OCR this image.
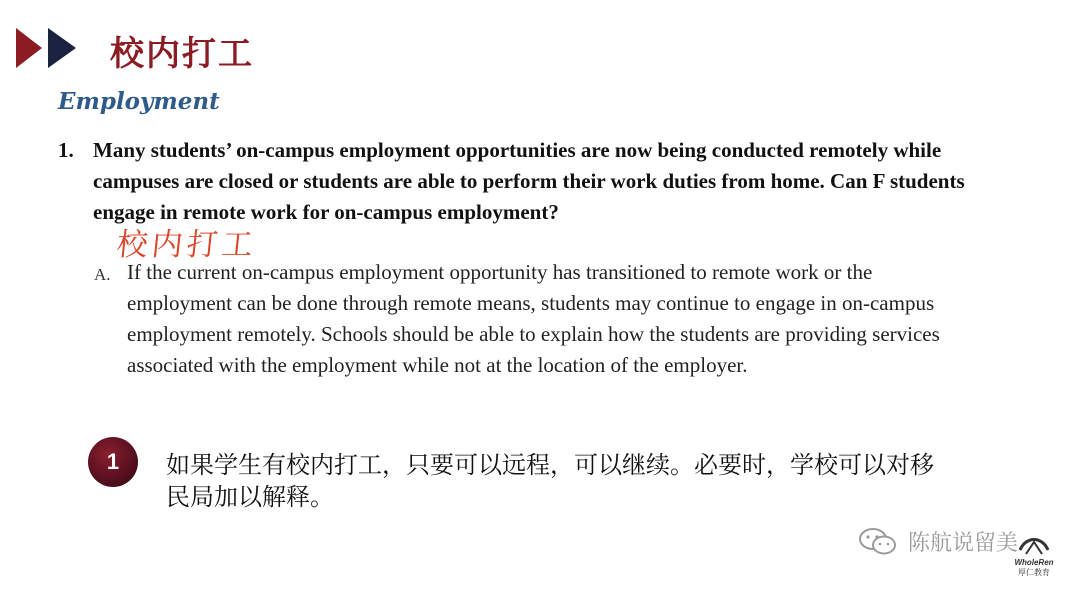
校内打工
Employment
1. Many students’ on-campus employment opportunities are now being conducted remotely while campuses are closed or students are able to perform their work duties from home. Can F students engage in remote work for on-campus employment?
校内打工
A. If the current on-campus employment opportunity has transitioned to remote work or the employment can be done through remote means, students may continue to engage in on-campus employment remotely. Schools should be able to explain how the students are providing services associated with the employment while not at the location of the employer.
1	如果学生有校内打工，只要可以远程，可以继续。必要时，学校可以对移民局加以解释。
陈航说留美
WholeRen
厚仁教育
